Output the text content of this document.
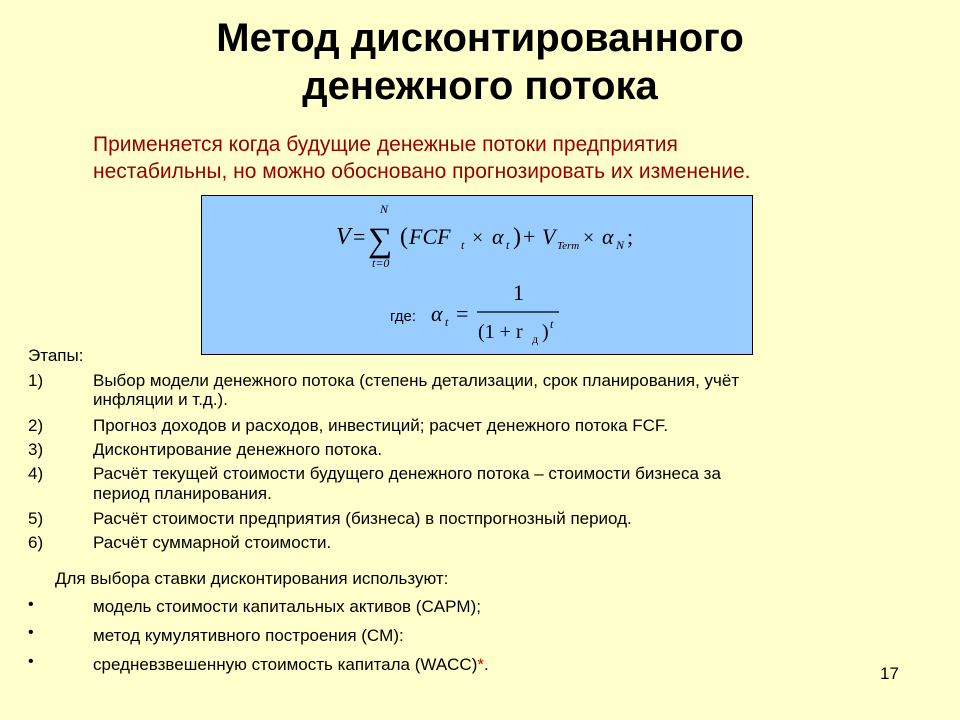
Метод дисконтированного
денежного потока
Применяется когда будущие денежные потоки предприятия
нестабильны, но можно обосновано прогнозировать их изменение.
V =
N
∑
t=0
( FCF t × α t ) + V Term × α N ;
где: α t =
1
(1 + r д ) t
Этапы:
1)	Выбор модели денежного потока (степень детализации, срок планирования, учёт
инфляции и т.д.).
2)	Прогноз доходов и расходов, инвестиций; расчет денежного потока FCF.
3)	Дисконтирование денежного потока.
4)	Расчёт текущей стоимости будущего денежного потока – стоимости бизнеса за
период планирования.
5)	Расчёт стоимости предприятия (бизнеса) в постпрогнозный период.
6)	Расчёт суммарной стоимости.
Для выбора ставки дисконтирования используют:
•	модель стоимости капитальных активов (CAPM);
•	метод кумулятивного построения (CM):
•	средневзвешенную стоимость капитала (WACC)*.	17
